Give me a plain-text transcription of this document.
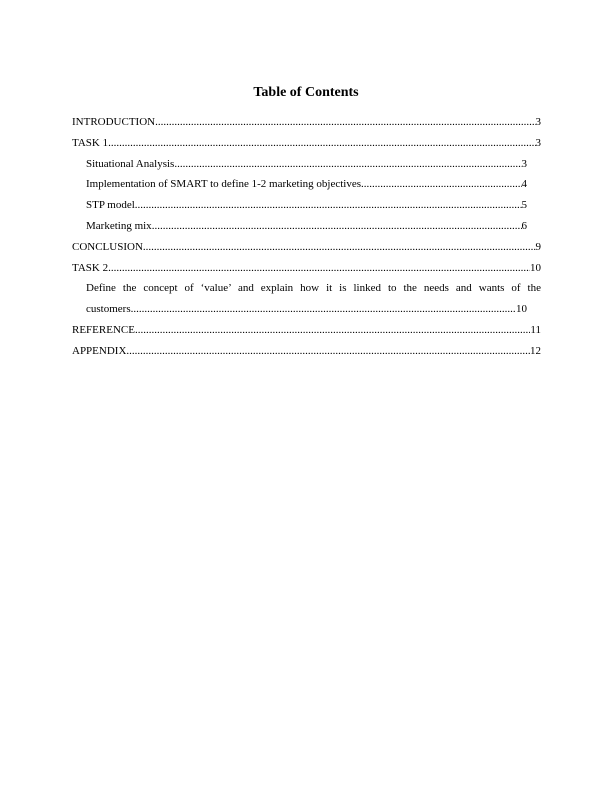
Table of Contents
INTRODUCTION .....	3
TASK 1 .....	3
Situational Analysis .....	3
Implementation of SMART to define 1-2 marketing objectives .....	4
STP model .....	5
Marketing mix .....	6
CONCLUSION .....	9
TASK 2 .....	10
Define the concept of ‘value’ and explain how it is linked to the needs and wants of the
customers .....	10
REFERENCE .....	11
APPENDIX .....	12
